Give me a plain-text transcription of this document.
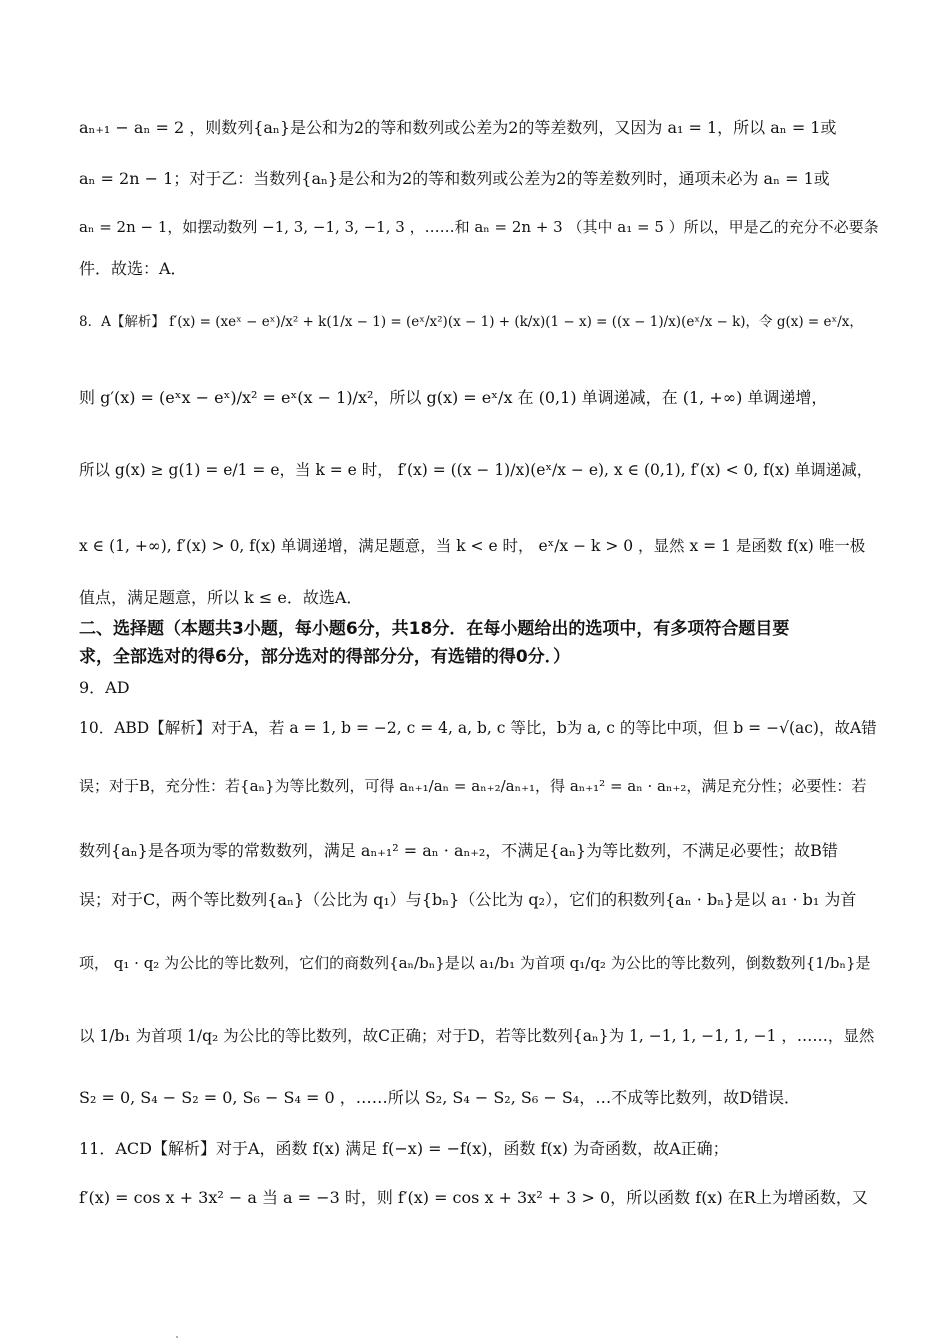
aₙ₊₁ − aₙ = 2 ，则数列{aₙ}是公和为2的等和数列或公差为2的等差数列，又因为 a₁ = 1，所以 aₙ = 1或
aₙ = 2n − 1；对于乙：当数列{aₙ}是公和为2的等和数列或公差为2的等差数列时，通项未必为 aₙ = 1或
aₙ = 2n − 1，如摆动数列 −1, 3, −1, 3, −1, 3 ，……和 aₙ = 2n + 3 （其中 a₁ = 5 ）所以，甲是乙的充分不必要条
件．故选：A．
8．A【解析】 f′(x) = (xeˣ − eˣ)/x² + k(1/x − 1) = (eˣ/x²)(x − 1) + (k/x)(1 − x) = ((x − 1)/x)(eˣ/x − k)，令 g(x) = eˣ/x，
则 g′(x) = (eˣx − eˣ)/x² = eˣ(x − 1)/x²，所以 g(x) = eˣ/x 在 (0,1) 单调递减，在 (1, +∞) 单调递增，
所以 g(x) ≥ g(1) = e/1 = e，当 k = e 时， f′(x) = ((x − 1)/x)(eˣ/x − e), x ∈ (0,1), f′(x) < 0, f(x) 单调递减，
x ∈ (1, +∞), f′(x) > 0, f(x) 单调递增，满足题意，当 k < e 时， eˣ/x − k > 0 ，显然 x = 1 是函数 f(x) 唯一极
值点，满足题意，所以 k ≤ e．故选A．
二、选择题（本题共3小题，每小题6分，共18分．在每小题给出的选项中，有多项符合题目要
求，全部选对的得6分，部分选对的得部分分，有选错的得0分．）
9．AD
10．ABD【解析】对于A，若 a = 1, b = −2, c = 4, a, b, c 等比，b为 a, c 的等比中项，但 b = −√(ac)，故A错
误；对于B，充分性：若{aₙ}为等比数列，可得 aₙ₊₁/aₙ = aₙ₊₂/aₙ₊₁，得 aₙ₊₁² = aₙ · aₙ₊₂，满足充分性；必要性：若
数列{aₙ}是各项为零的常数数列，满足 aₙ₊₁² = aₙ · aₙ₊₂，不满足{aₙ}为等比数列，不满足必要性；故B错
误；对于C，两个等比数列{aₙ}（公比为 q₁）与{bₙ}（公比为 q₂），它们的积数列{aₙ · bₙ}是以 a₁ · b₁ 为首
项， q₁ · q₂ 为公比的等比数列，它们的商数列{aₙ/bₙ}是以 a₁/b₁ 为首项 q₁/q₂ 为公比的等比数列，倒数数列{1/bₙ}是
以 1/b₁ 为首项 1/q₂ 为公比的等比数列，故C正确；对于D，若等比数列{aₙ}为 1, −1, 1, −1, 1, −1 ，……，显然
S₂ = 0, S₄ − S₂ = 0, S₆ − S₄ = 0 ，……所以 S₂, S₄ − S₂, S₆ − S₄，…不成等比数列，故D错误．
11．ACD【解析】对于A，函数 f(x) 满足 f(−x) = −f(x)，函数 f(x) 为奇函数，故A正确；
f′(x) = cos x + 3x² − a 当 a = −3 时，则 f′(x) = cos x + 3x² + 3 > 0，所以函数 f(x) 在R上为增函数，又
